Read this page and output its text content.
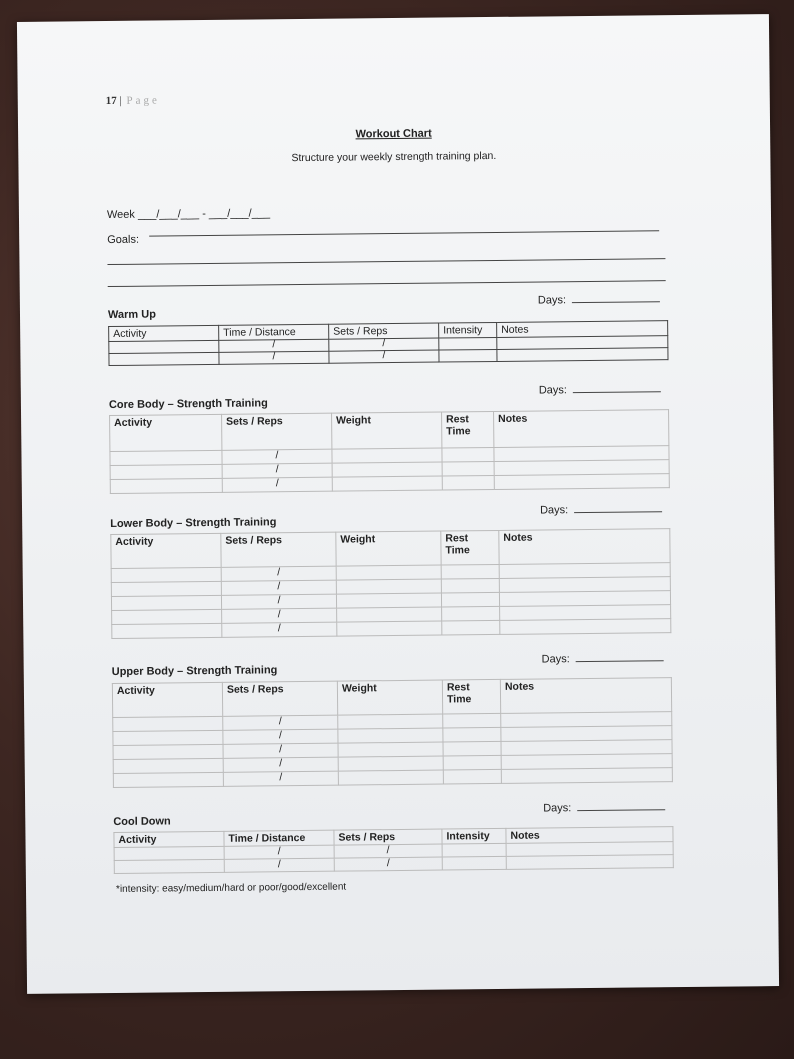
17 | Page
Workout Chart
Structure your weekly strength training plan.
Week ___/___/___ - ___/___/___
Goals:
Warm Up
Days:
Activity	Time / Distance	Sets / Reps	Intensity	Notes
	/	/		
	/	/		
Core Body – Strength Training
Days:
Activity	Sets / Reps	Weight	Rest Time	Notes
	/			
	/			
	/			
Lower Body – Strength Training
Days:
Activity	Sets / Reps	Weight	Rest Time	Notes
	/			
	/			
	/			
	/			
	/			
Upper Body – Strength Training
Days:
Activity	Sets / Reps	Weight	Rest Time	Notes
	/			
	/			
	/			
	/			
	/			
Cool Down
Days:
Activity	Time / Distance	Sets / Reps	Intensity	Notes
	/	/		
	/	/		
*intensity: easy/medium/hard or poor/good/excellent
